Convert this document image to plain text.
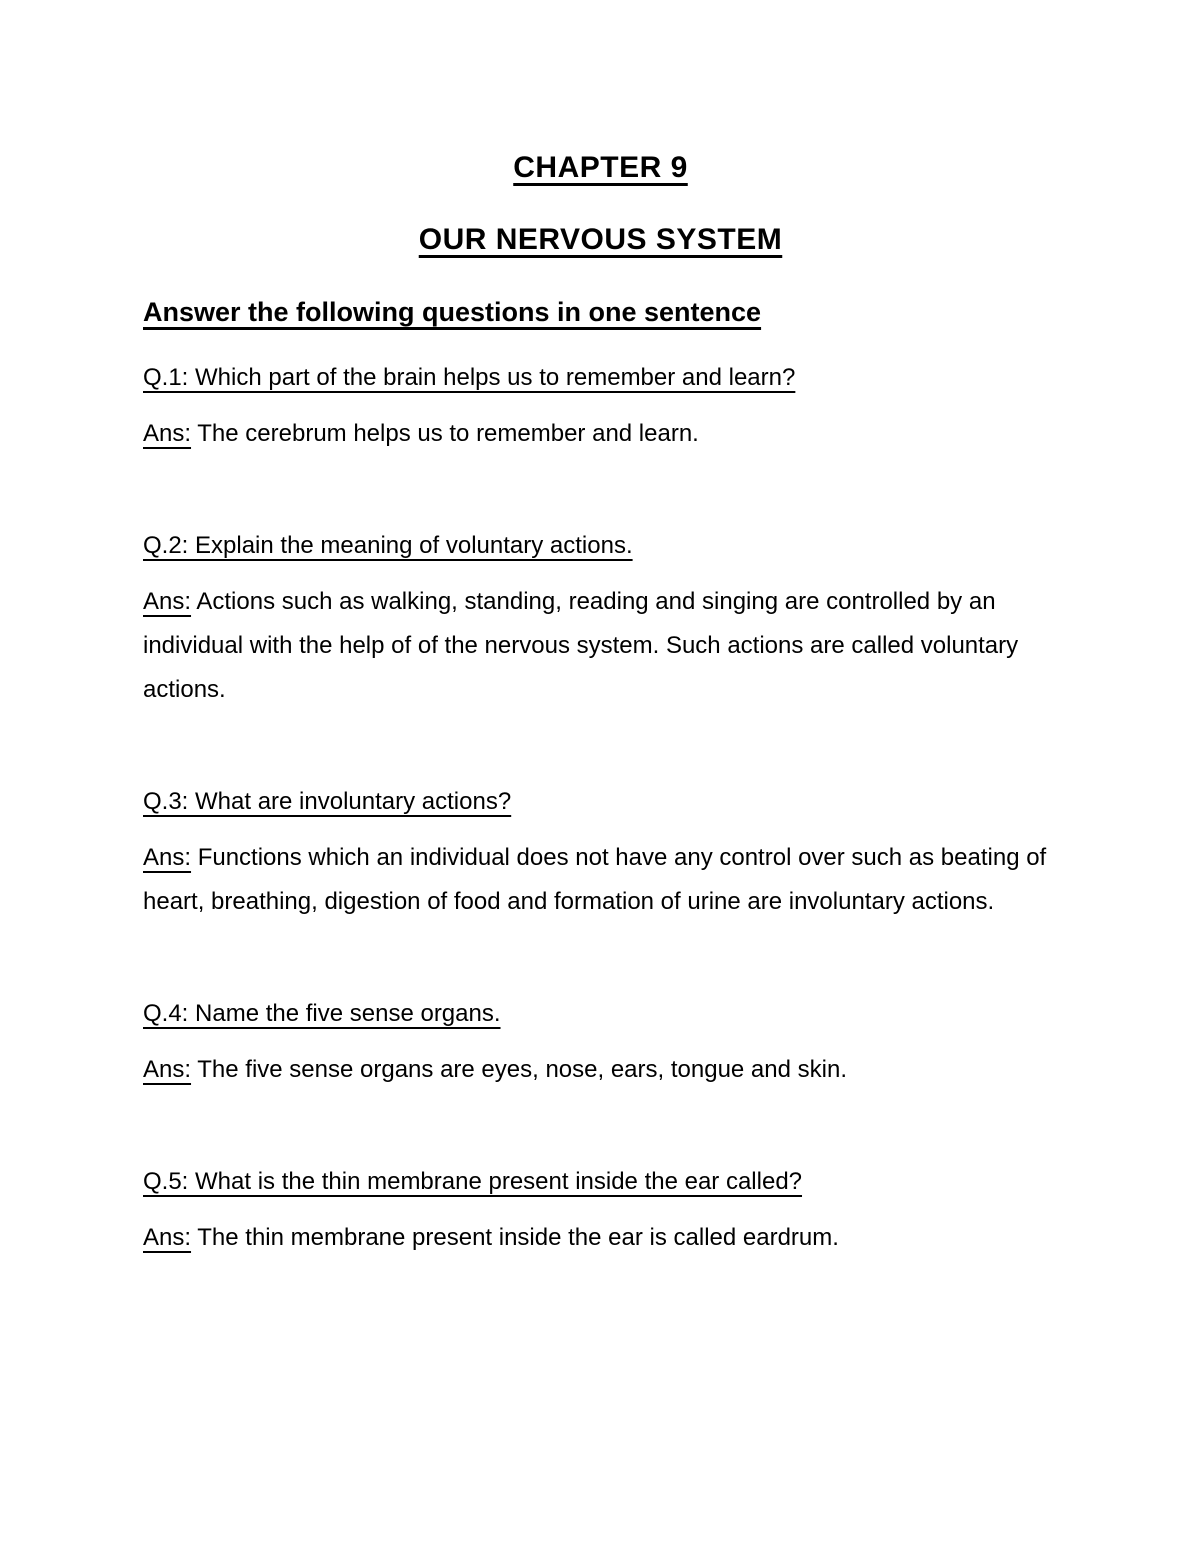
CHAPTER 9
OUR NERVOUS SYSTEM
Answer the following questions in one sentence

Q.1: Which part of the brain helps us to remember and learn?

Ans: The cerebrum helps us to remember and learn.

Q.2: Explain the meaning of voluntary actions.

Ans: Actions such as walking, standing, reading and singing are controlled by an individual with the help of of the nervous system. Such actions are called voluntary actions.

Q.3: What are involuntary actions?

Ans: Functions which an individual does not have any control over such as beating of heart, breathing, digestion of food and formation of urine are involuntary actions.

Q.4: Name the five sense organs.

Ans: The five sense organs are eyes, nose, ears, tongue and skin.

Q.5: What is the thin membrane present inside the ear called?

Ans: The thin membrane present inside the ear is called eardrum.
